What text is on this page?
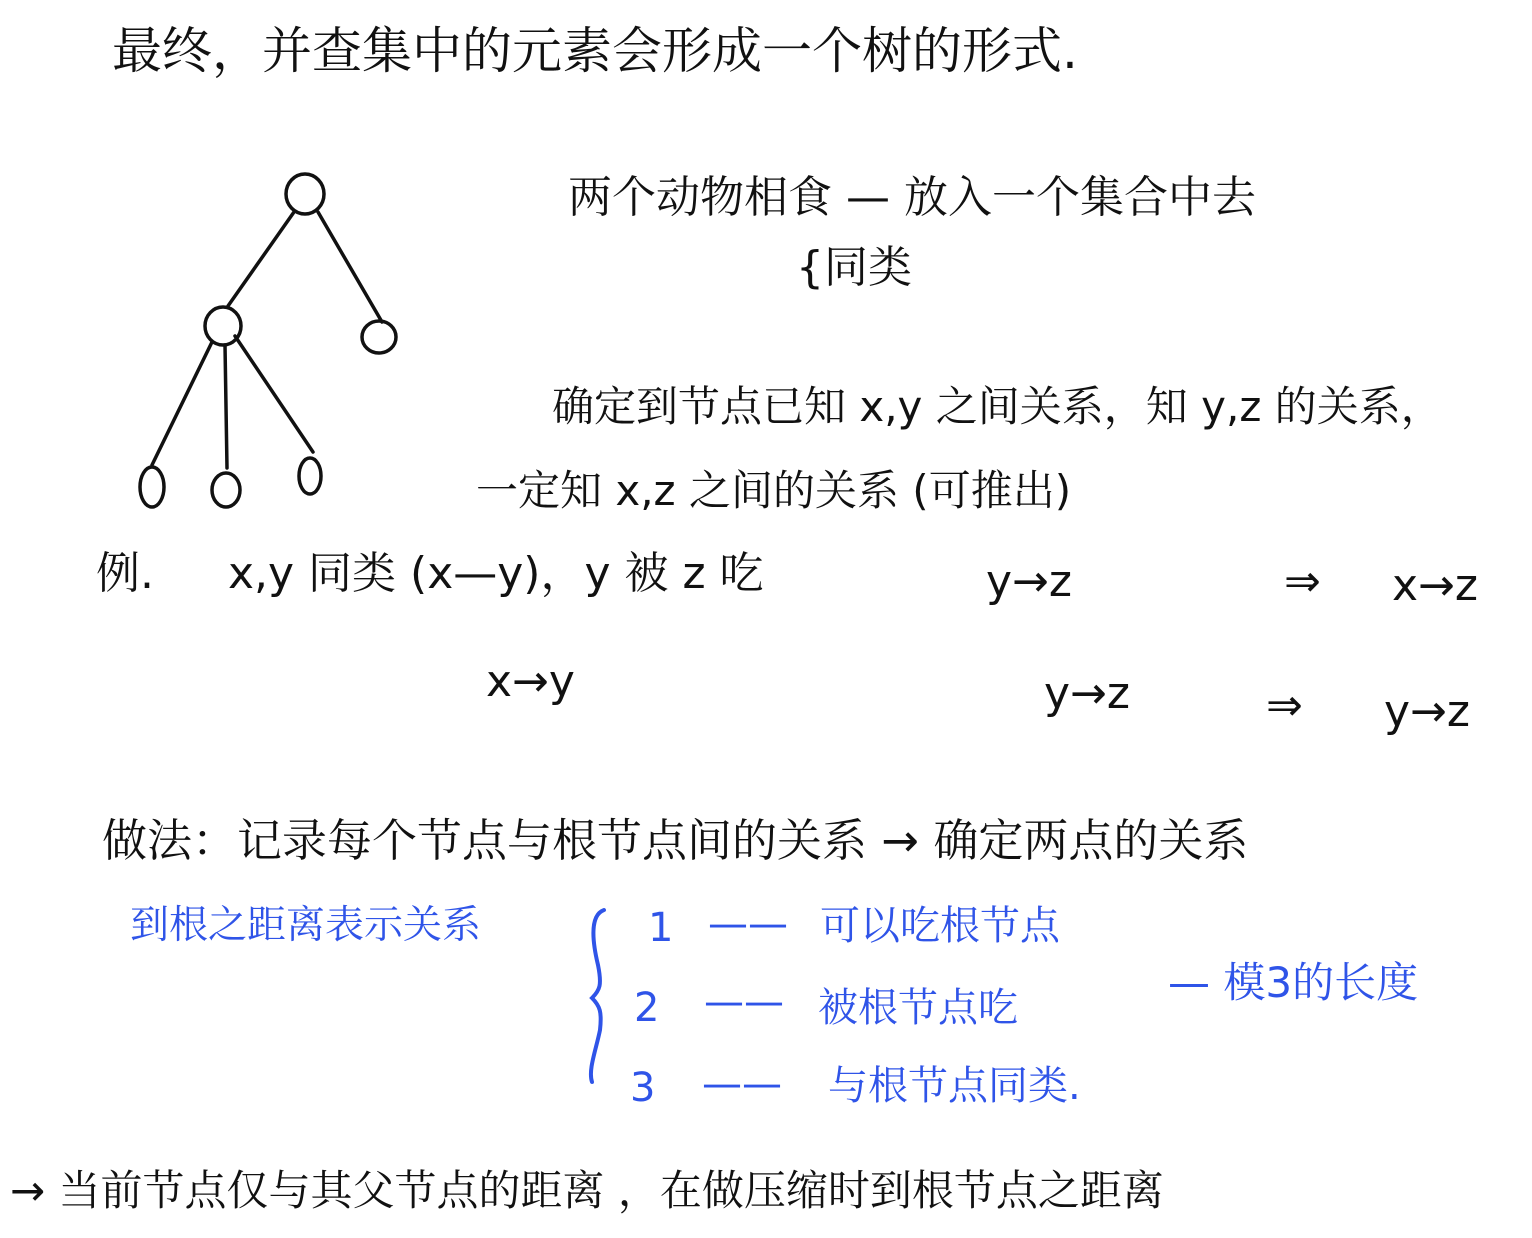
最终，并查集中的元素会形成一个树的形式.
两个动物相食 — 放入一个集合中去
{同类
确定到节点已知 x,y 之间关系，知 y,z 的关系，
一定知 x,z 之间的关系 (可推出)
例. x,y 同类 (x—y)，y 被 z 吃	y→z	⇒ x→z
x→y	y→z	⇒ y→z
做法：记录每个节点与根节点间的关系 → 确定两点的关系
到根之距离表示关系	1 —— 可以吃根节点
2 —— 被根节点吃
3 —— 与根节点同类.
— 模3的长度
→ 当前节点仅与其父节点的距离 ，在做压缩时到根节点之距离
